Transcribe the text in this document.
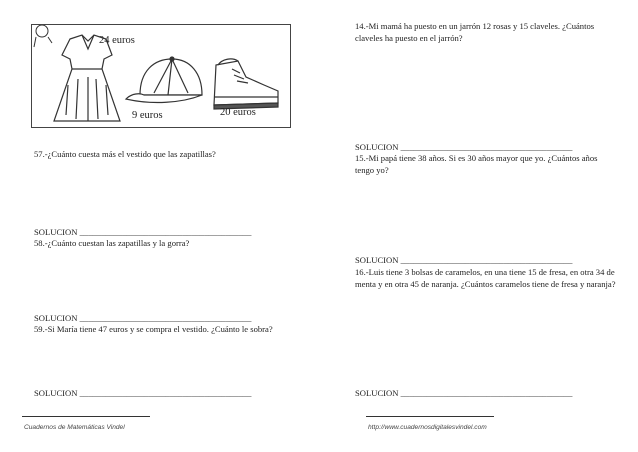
24 euros
9 euros	20 euros
57.-¿Cuánto cuesta más el vestido que las zapatillas?
SOLUCION ________________________________________
58.-¿Cuánto cuestan las zapatillas y la gorra?
SOLUCION ________________________________________
59.-Si María tiene 47 euros y se compra el vestido. ¿Cuánto le sobra?
SOLUCION ________________________________________
14.-Mi mamá ha puesto en un jarrón 12 rosas y 15 claveles. ¿Cuántos claveles ha puesto en el jarrón?
SOLUCION ________________________________________
15.-Mi papá tiene 38 años. Si es 30 años mayor que yo. ¿Cuántos años tengo yo?
SOLUCION ________________________________________
16.-Luis tiene 3 bolsas de caramelos, en una tiene 15 de fresa, en otra 34 de menta y en otra 45 de naranja. ¿Cuántos caramelos tiene de fresa y naranja?
SOLUCION ________________________________________
Cuadernos de Matemáticas Vindel	http://www.cuadernosdigitalesvindel.com
